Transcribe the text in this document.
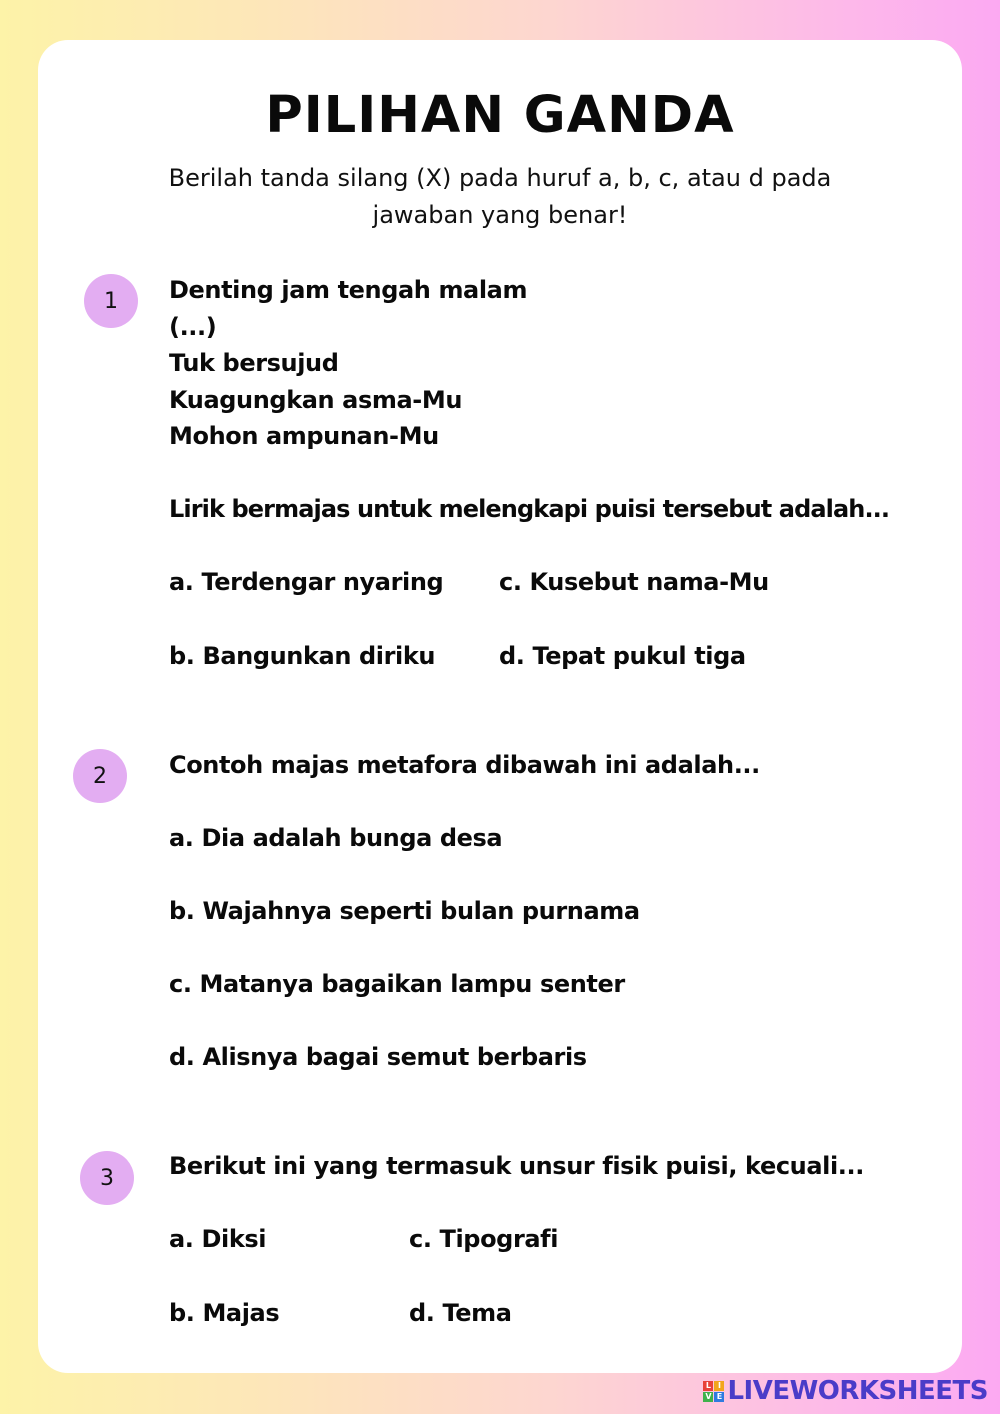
PILIHAN GANDA
Berilah tanda silang (X) pada huruf a, b, c, atau d pada
jawaban yang benar!
1	Denting jam tengah malam
(...)
Tuk bersujud
Kuagungkan asma-Mu
Mohon ampunan-Mu
Lirik bermajas untuk melengkapi puisi tersebut adalah...
a. Terdengar nyaring c. Kusebut nama-Mu
b. Bangunkan diriku	d. Tepat pukul tiga
2	Contoh majas metafora dibawah ini adalah...
a. Dia adalah bunga desa
b. Wajahnya seperti bulan purnama
c. Matanya bagaikan lampu senter
d. Alisnya bagai semut berbaris
3	Berikut ini yang termasuk unsur fisik puisi, kecuali...
a. Diksi	c. Tipografi
b. Majas	d. Tema
L I
V E LIVEWORKSHEETS
